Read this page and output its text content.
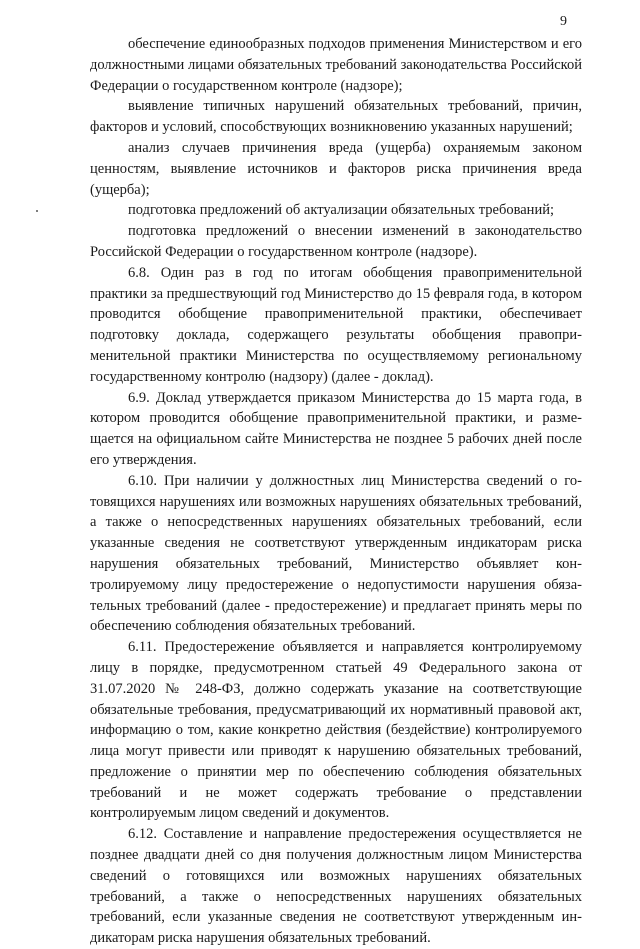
9

обеспечение единообразных подходов применения Министерством и его должностными лицами обязательных требований законодательства Российской Федерации о государственном контроле (надзоре);

выявление типичных нарушений обязательных требований, причин, факторов и условий, способствующих возникновению указанных нарушений;

анализ случаев причинения вреда (ущерба) охраняемым законом ценностям, выявление источников и факторов риска причинения вреда (ущерба);

подготовка предложений об актуализации обязательных требований;

подготовка предложений о внесении изменений в законодательство Российской Федерации о государственном контроле (надзоре).

6.8. Один раз в год по итогам обобщения правоприменительной практики за предшествующий год Министерство до 15 февраля года, в котором проводится обобщение правоприменительной практики, обеспечивает подготовку доклада, содержащего результаты обобщения правоприменительной практики Министерства по осуществляемому региональному государственному контролю (надзору) (далее - доклад).

6.9. Доклад утверждается приказом Министерства до 15 марта года, в котором проводится обобщение правоприменительной практики, и размещается на официальном сайте Министерства не позднее 5 рабочих дней после его утверждения.

6.10. При наличии у должностных лиц Министерства сведений о готовящихся нарушениях или возможных нарушениях обязательных требований, а также о непосредственных нарушениях обязательных требований, если указанные сведения не соответствуют утвержденным индикаторам риска нарушения обязательных требований, Министерство объявляет контролируемому лицу предостережение о недопустимости нарушения обязательных требований (далее - предостережение) и предлагает принять меры по обеспечению соблюдения обязательных требований.

6.11. Предостережение объявляется и направляется контролируемому лицу в порядке, предусмотренном статьей 49 Федерального закона от 31.07.2020 № 248-ФЗ, должно содержать указание на соответствующие обязательные требования, предусматривающий их нормативный правовой акт, информацию о том, какие конкретно действия (бездействие) контролируемого лица могут привести или приводят к нарушению обязательных требований, предложение о принятии мер по обеспечению соблюдения обязательных требований и не может содержать требование о представлении контролируемым лицом сведений и документов.

6.12. Составление и направление предостережения осуществляется не позднее двадцати дней со дня получения должностным лицом Министерства сведений о готовящихся или возможных нарушениях обязательных требований, а также о непосредственных нарушениях обязательных требований, если указанные сведения не соответствуют утвержденным индикаторам риска нарушения обязательных требований.
